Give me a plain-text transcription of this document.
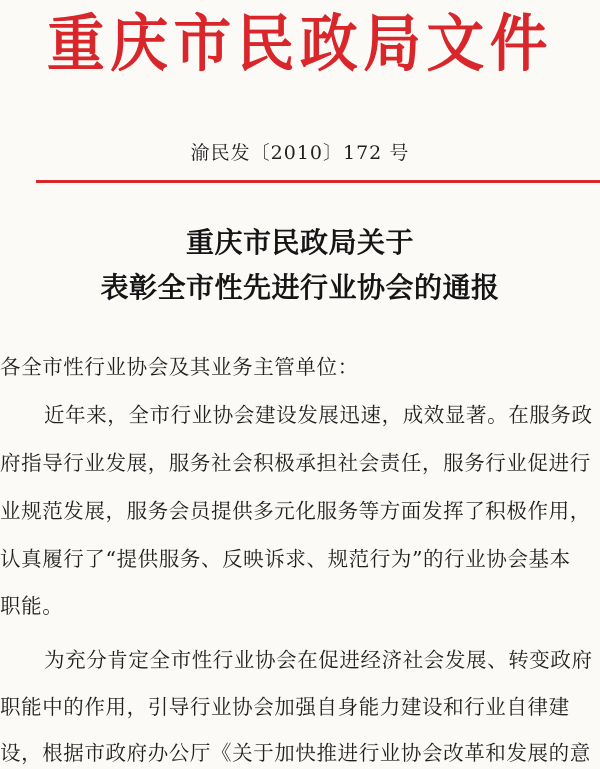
重庆市民政局文件
渝民发〔2010〕172 号
重庆市民政局关于
表彰全市性先进行业协会的通报
各全市性行业协会及其业务主管单位：
近年来，全市行业协会建设发展迅速，成效显著。在服务政
府指导行业发展，服务社会积极承担社会责任，服务行业促进行
业规范发展，服务会员提供多元化服务等方面发挥了积极作用，
认真履行了“提供服务、反映诉求、规范行为”的行业协会基本
职能。
为充分肯定全市性行业协会在促进经济社会发展、转变政府
职能中的作用，引导行业协会加强自身能力建设和行业自律建
设，根据市政府办公厅《关于加快推进行业协会改革和发展的意
